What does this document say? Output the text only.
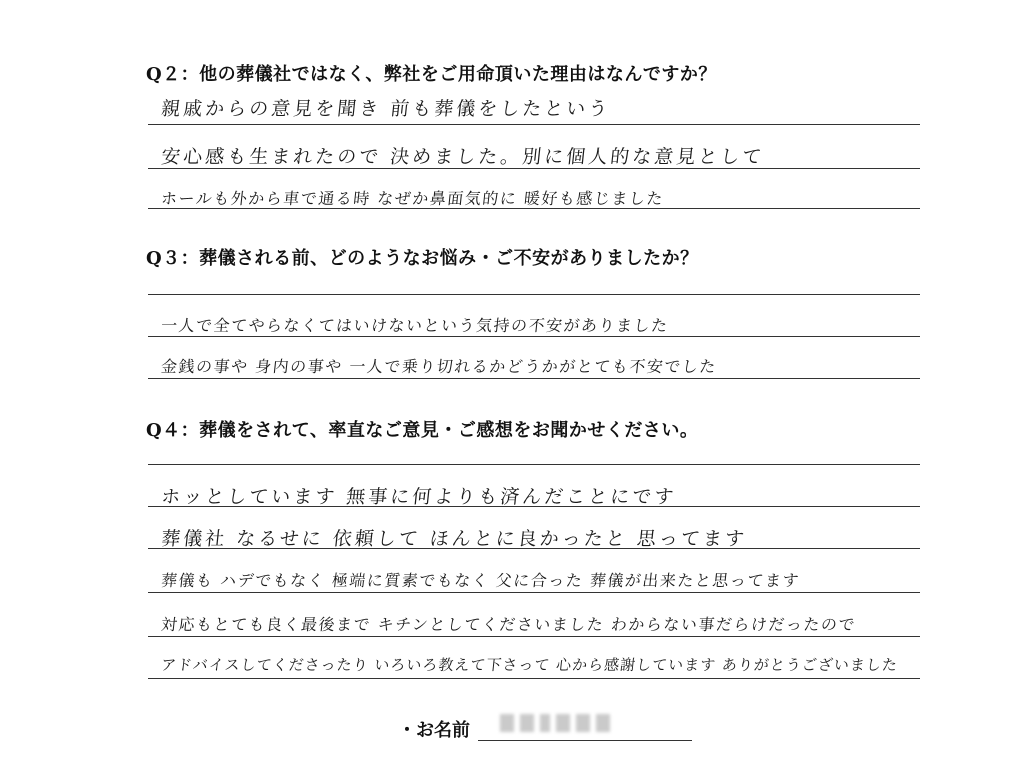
Q２：他の葬儀社ではなく、弊社をご用命頂いた理由はなんですか？
親戚からの意見を聞き 前も葬儀をしたという
安心感も生まれたので 決めました。別に個人的な意見として
ホールも外から車で通る時 なぜか鼻面気的に 暖好も感じました
Q３：葬儀される前、どのようなお悩み・ご不安がありましたか？
一人で全てやらなくてはいけないという気持の不安がありました
金銭の事や 身内の事や 一人で乗り切れるかどうかがとても不安でした
Q４：葬儀をされて、率直なご意見・ご感想をお聞かせください。
ホッとしています 無事に何よりも済んだことにです
葬儀社 なるせに 依頼して ほんとに良かったと 思ってます
葬儀も ハデでもなく 極端に質素でもなく 父に合った 葬儀が出来たと思ってます
対応もとても良く最後まで キチンとしてくださいました わからない事だらけだったので
アドバイスしてくださったり いろいろ教えて下さって 心から感謝しています ありがとうございました
・お名前
